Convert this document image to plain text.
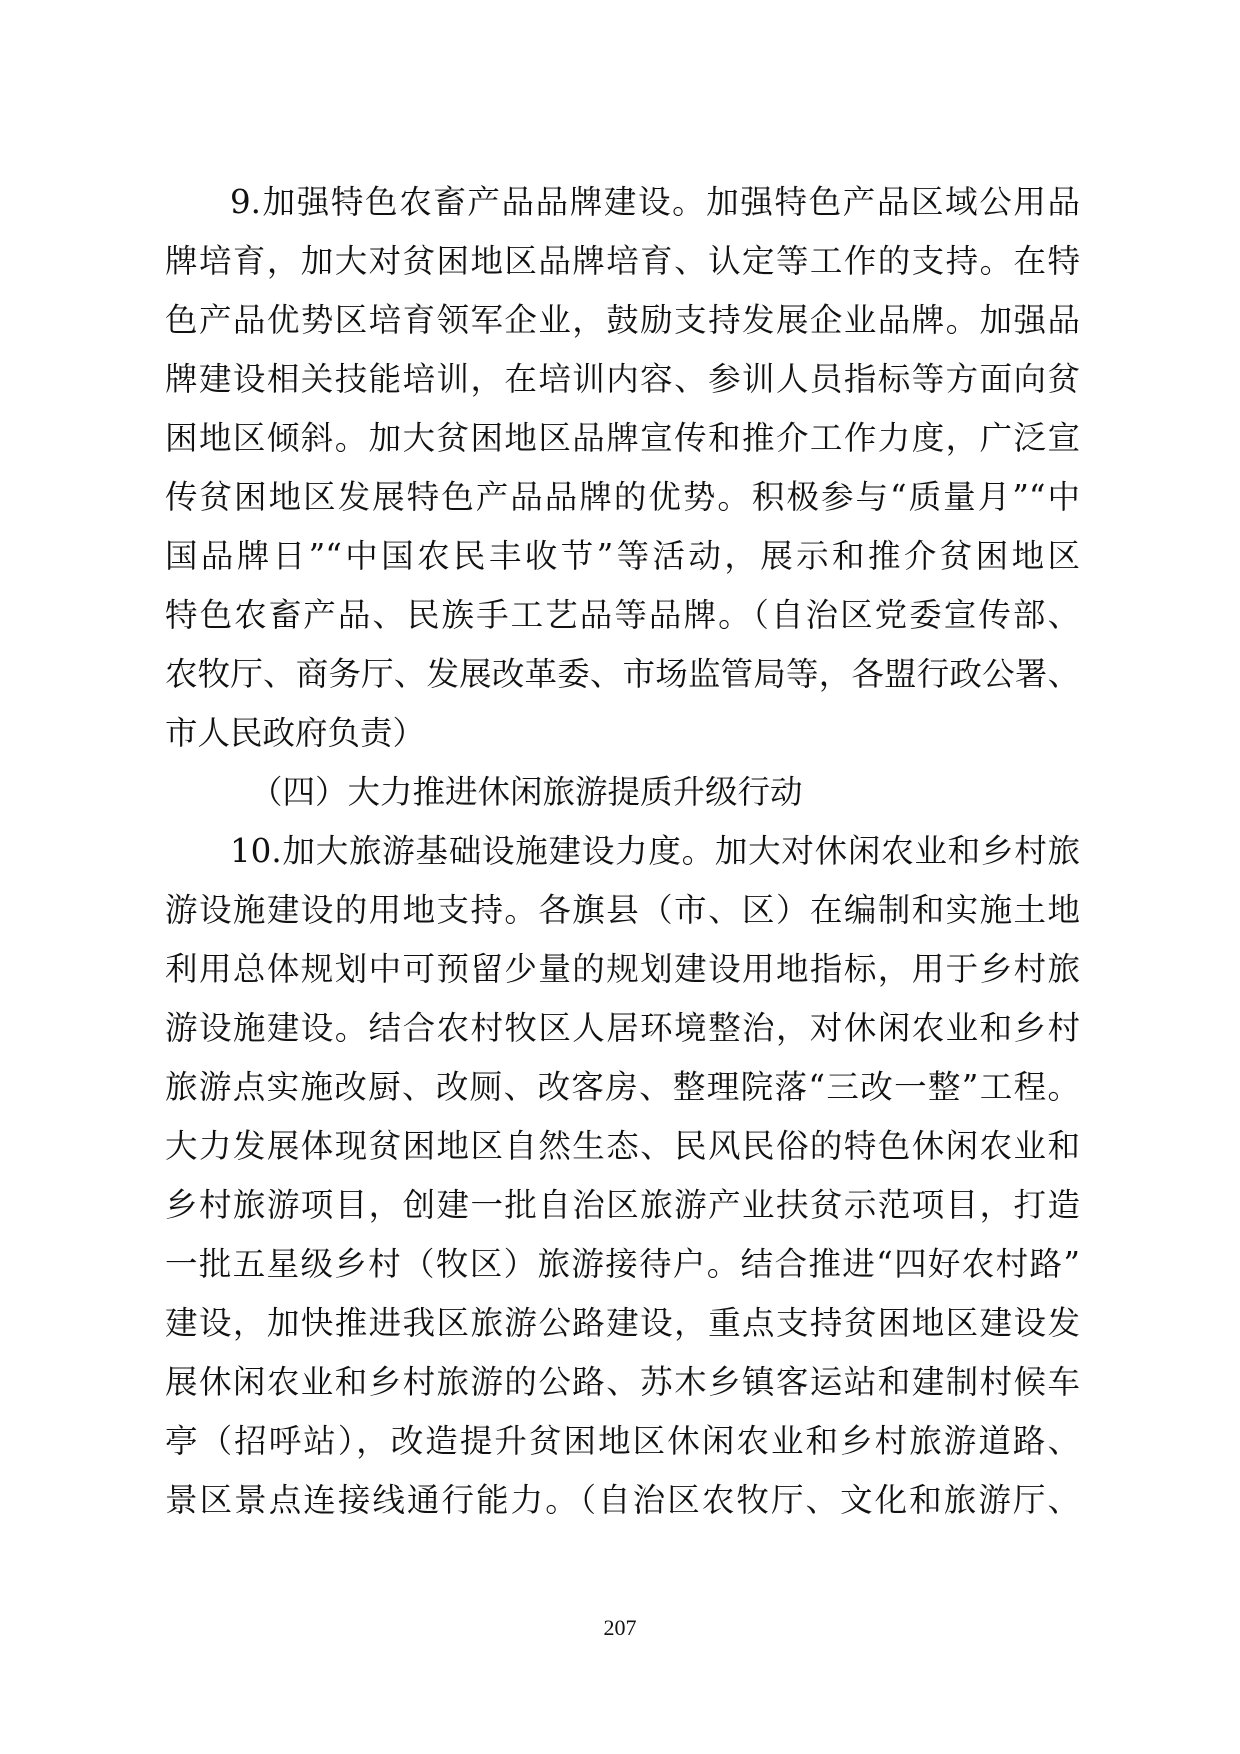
9.加强特色农畜产品品牌建设。加强特色产品区域公用品
牌培育，加大对贫困地区品牌培育、认定等工作的支持。在特
色产品优势区培育领军企业，鼓励支持发展企业品牌。加强品
牌建设相关技能培训，在培训内容、参训人员指标等方面向贫
困地区倾斜。加大贫困地区品牌宣传和推介工作力度，广泛宣
传贫困地区发展特色产品品牌的优势。积极参与“质量月”“中
国品牌日”“中国农民丰收节”等活动，展示和推介贫困地区
特色农畜产品、民族手工艺品等品牌。（自治区党委宣传部、
农牧厅、商务厅、发展改革委、市场监管局等，各盟行政公署、
市人民政府负责）
（四）大力推进休闲旅游提质升级行动
10.加大旅游基础设施建设力度。加大对休闲农业和乡村旅
游设施建设的用地支持。各旗县（市、区）在编制和实施土地
利用总体规划中可预留少量的规划建设用地指标，用于乡村旅
游设施建设。结合农村牧区人居环境整治，对休闲农业和乡村
旅游点实施改厨、改厕、改客房、整理院落“三改一整”工程。
大力发展体现贫困地区自然生态、民风民俗的特色休闲农业和
乡村旅游项目，创建一批自治区旅游产业扶贫示范项目，打造
一批五星级乡村（牧区）旅游接待户。结合推进“四好农村路”
建设，加快推进我区旅游公路建设，重点支持贫困地区建设发
展休闲农业和乡村旅游的公路、苏木乡镇客运站和建制村候车
亭（招呼站），改造提升贫困地区休闲农业和乡村旅游道路、
景区景点连接线通行能力。（自治区农牧厅、文化和旅游厅、
207
